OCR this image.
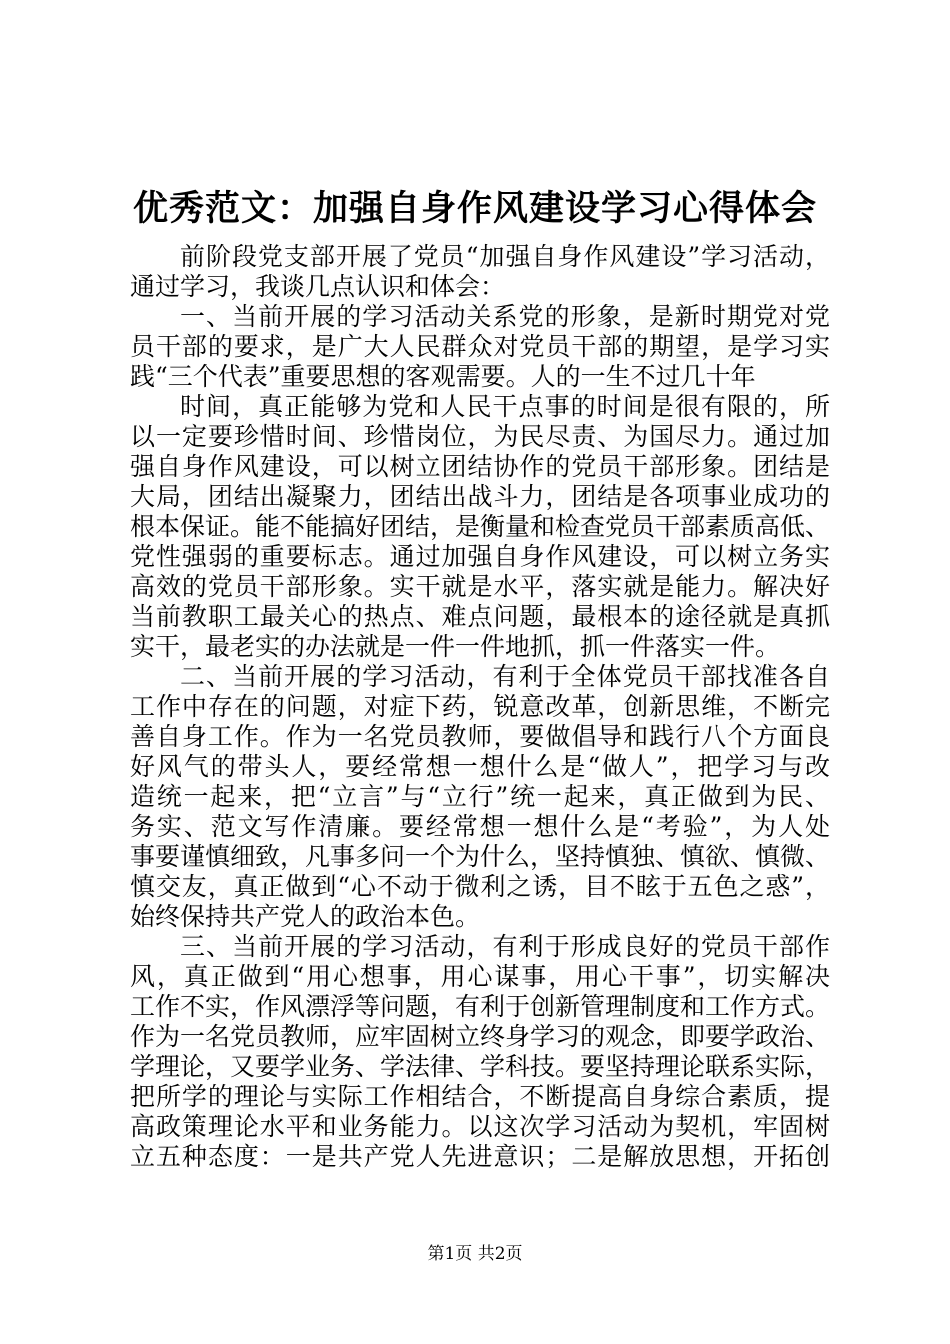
优秀范文：加强自身作风建设学习心得体会
前阶段党支部开展了党员“加强自身作风建设”学习活动，
通过学习，我谈几点认识和体会：
一、当前开展的学习活动关系党的形象，是新时期党对党
员干部的要求，是广大人民群众对党员干部的期望，是学习实
践“三个代表”重要思想的客观需要。人的一生不过几十年
时间，真正能够为党和人民干点事的时间是很有限的，所
以一定要珍惜时间、珍惜岗位，为民尽责、为国尽力。通过加
强自身作风建设，可以树立团结协作的党员干部形象。团结是
大局，团结出凝聚力，团结出战斗力，团结是各项事业成功的
根本保证。能不能搞好团结，是衡量和检查党员干部素质高低、
党性强弱的重要标志。通过加强自身作风建设，可以树立务实
高效的党员干部形象。实干就是水平，落实就是能力。解决好
当前教职工最关心的热点、难点问题，最根本的途径就是真抓
实干，最老实的办法就是一件一件地抓，抓一件落实一件。
二、当前开展的学习活动，有利于全体党员干部找准各自
工作中存在的问题，对症下药，锐意改革，创新思维，不断完
善自身工作。作为一名党员教师，要做倡导和践行八个方面良
好风气的带头人，要经常想一想什么是“做人”，把学习与改
造统一起来，把“立言”与“立行”统一起来，真正做到为民、
务实、范文写作清廉。要经常想一想什么是“考验”，为人处
事要谨慎细致，凡事多问一个为什么，坚持慎独、慎欲、慎微、
慎交友，真正做到“心不动于微利之诱，目不眩于五色之惑”，
始终保持共产党人的政治本色。
三、当前开展的学习活动，有利于形成良好的党员干部作
风，真正做到“用心想事，用心谋事，用心干事”，切实解决
工作不实，作风漂浮等问题，有利于创新管理制度和工作方式。
作为一名党员教师，应牢固树立终身学习的观念，即要学政治、
学理论，又要学业务、学法律、学科技。要坚持理论联系实际，
把所学的理论与实际工作相结合，不断提高自身综合素质，提
高政策理论水平和业务能力。以这次学习活动为契机，牢固树
立五种态度：一是共产党人先进意识；二是解放思想，开拓创
第1页 共2页
